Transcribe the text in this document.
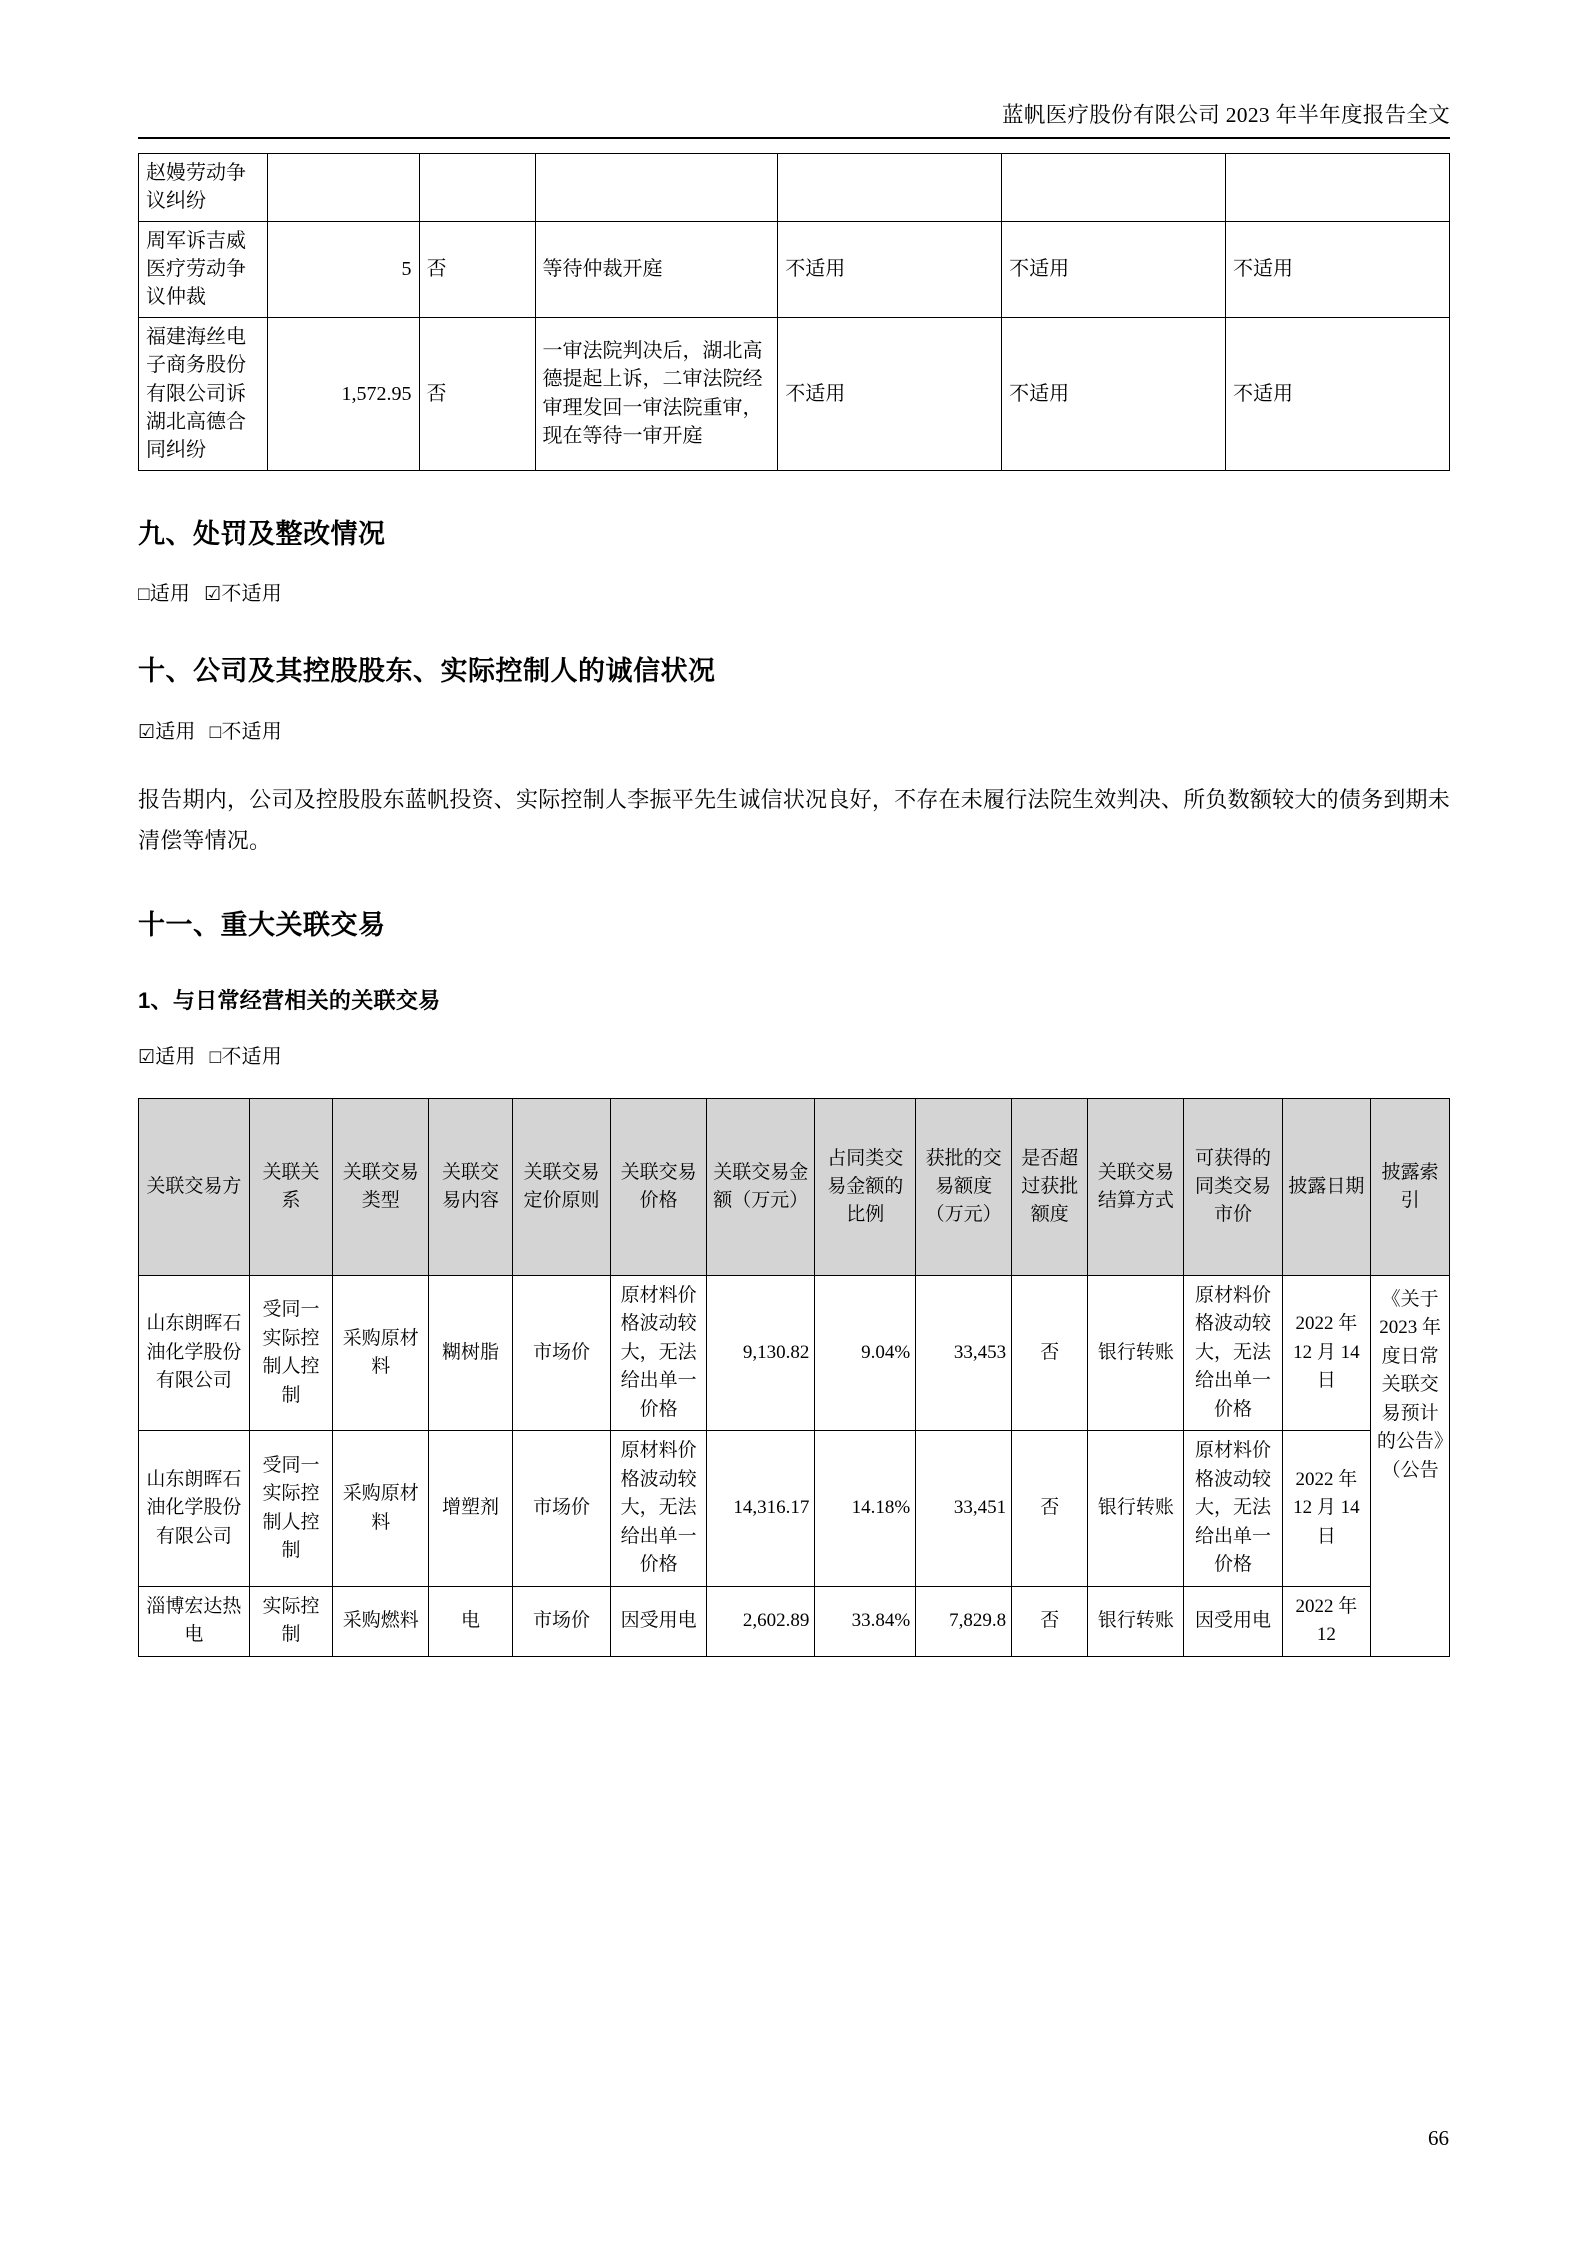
蓝帆医疗股份有限公司 2023 年半年度报告全文
赵嫚劳动争议纠纷						
周军诉吉威医疗劳动争议仲裁	5	否	等待仲裁开庭	不适用	不适用	不适用
福建海丝电子商务股份有限公司诉湖北高德合同纠纷	1,572.95	否	一审法院判决后，湖北高德提起上诉，二审法院经审理发回一审法院重审，现在等待一审开庭	不适用	不适用	不适用
九、处罚及整改情况
□适用 ☑不适用
十、公司及其控股股东、实际控制人的诚信状况
☑适用 □不适用

报告期内，公司及控股股东蓝帆投资、实际控制人李振平先生诚信状况良好，不存在未履行法院生效判决、所负数额较大的债务到期未清偿等情况。

十一、重大关联交易
1、与日常经营相关的关联交易
☑适用 □不适用
关联交易方	关联关系	关联交易类型	关联交易内容	关联交易定价原则	关联交易价格	关联交易金额（万元）	占同类交易金额的比例	获批的交易额度（万元）	是否超过获批额度	关联交易结算方式	可获得的同类交易市价	披露日期	披露索引
山东朗晖石油化学股份有限公司	受同一实际控制人控制	采购原材料	糊树脂	市场价	原材料价格波动较大，无法给出单一价格	9,130.82	9.04%	33,453	否	银行转账	原材料价格波动较大，无法给出单一价格	2022 年 12 月 14 日	《关于 2023 年度日常关联交易预计的公告》（公告
山东朗晖石油化学股份有限公司	受同一实际控制人控制	采购原材料	增塑剂	市场价	原材料价格波动较大，无法给出单一价格	14,316.17	14.18%	33,451	否	银行转账	原材料价格波动较大，无法给出单一价格	2022 年 12 月 14 日	
淄博宏达热电	实际控制	采购燃料	电	市场价	因受用电	2,602.89	33.84%	7,829.8	否	银行转账	因受用电	2022 年 12	
66
